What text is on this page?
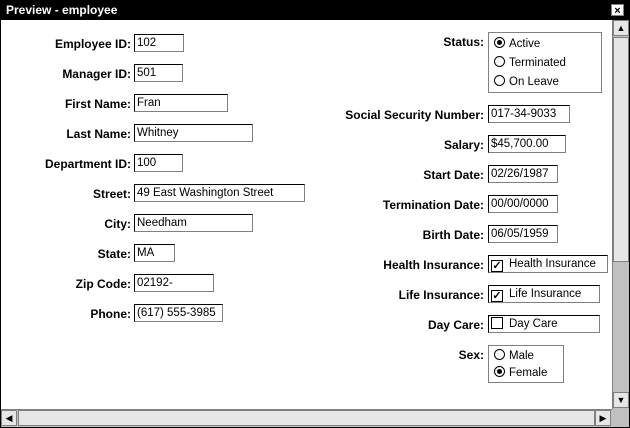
Preview - employee	×
Employee ID: 102
Manager ID: 501
First Name: Fran
Last Name: Whitney
Department ID: 100
Street: 49 East Washington Street
City: Needham
State: MA
Zip Code: 02192-
Phone: (617) 555-3985
Status:	Active
Terminated
On Leave
Social Security Number: 017-34-9033
Salary: $45,700.00
Start Date: 02/26/1987
Termination Date: 00/00/0000
Birth Date: 06/05/1959
Health Insurance: ✓ Health Insurance
Life Insurance: ✓ Life Insurance
Day Care:	Day Care
Sex:	Male
Female
▲
▼
◀	▶
